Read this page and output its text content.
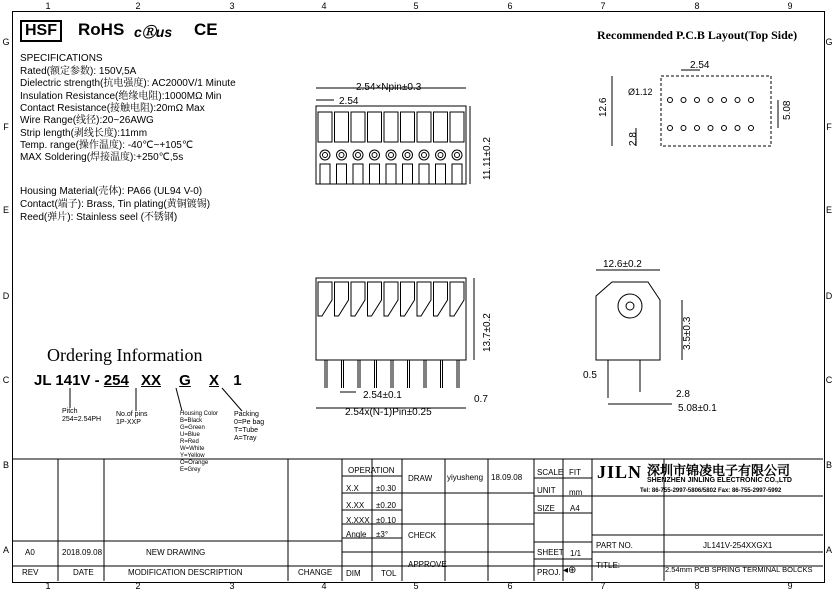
1	2	3	4	5	6	7	8	9
1	2	3	4	5	6	7	8	9
G
F
E
D
C
B
A
G
F
E
D
C
B
A
HSF RoHS cⓇus CE	Recommended P.C.B Layout(Top Side)
SPECIFICATIONS
Rated(额定参数): 150V,5A
Dielectric strength(抗电强度): AC2000V/1 Minute
Insulation Resistance(绝缘电阻):1000MΩ Min
Contact Resistance(接触电阻):20mΩ Max
Wire Range(线径):20~26AWG
Strip length(剥线长度):11mm
Temp. range(操作温度): -40℃~+105℃
MAX Soldering(焊接温度):+250℃,5s
Housing Material(壳体): PA66 (UL94 V-0)
Contact(端子): Brass, Tin plating(黄铜镀锡)
Reed(弹片): Stainless seel (不锈钢)
2.54×Npin±0.3
2.54
11.11±0.2
13.7±0.2
2.54±0.1
2.54x(N-1)Pin±0.25
0.7
2.54
Ø1.12
12.6	5.08
2.8
12.6±0.2
3.5±0.3
0.5
2.8
5.08±0.1
Ordering Information
JL 141V - 254 XX G X 1
Pitch
254=2.54PH
No.of pins
1P-XXP
Housing Color
B=Black
G=Green
U=Blue
R=Red
W=White
Y=Yellow
O=Orange
E=Grey
Packing
0=Pe bag
T=Tube
A=Tray
OPERATION
X.X ±0.30
X.XX ±0.20
X.XXX ±0.10
Angle ±3°
DIM	TOL
DRAW yiyusheng 18.09.08
CHECK
APPROVE
SCALE FIT
UNIT mm
SIZE A4
SHEET 1/1
PROJ. ◂⊕
JILN 深圳市锦凌电子有限公司
SHENZHEN JINLING ELECTRONIC CO.,LTD
Tel: 86-755-2997-5806/5802 Fax: 86-755-2997-5992
PART NO.	JL141V-254XXGX1
TITLE:	2.54mm PCB SPRING TERMINAL BOLCKS
A0	2018.09.08	NEW DRAWING
REV	DATE	MODIFICATION DESCRIPTION	CHANGE
